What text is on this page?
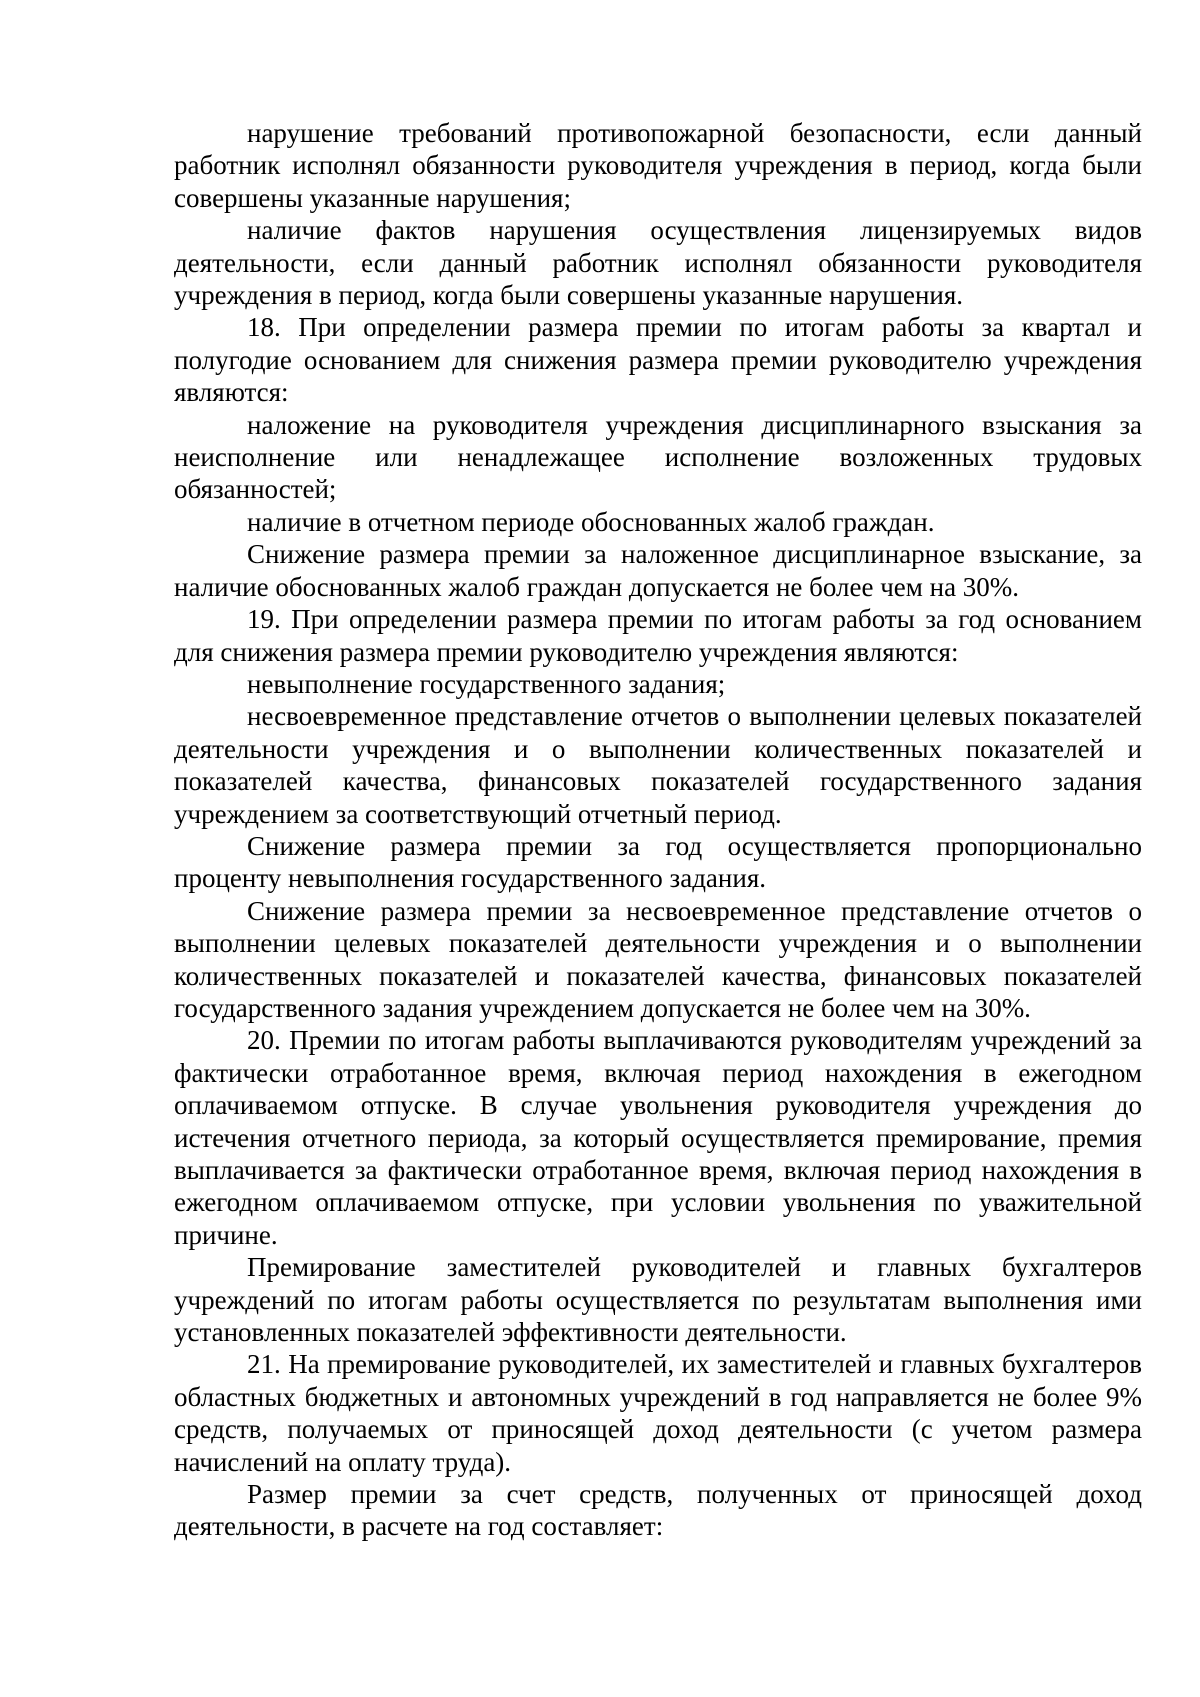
нарушение требований противопожарной безопасности, если данный работник исполнял обязанности руководителя учреждения в период, когда были совершены указанные нарушения;

наличие фактов нарушения осуществления лицензируемых видов деятельности, если данный работник исполнял обязанности руководителя учреждения в период, когда были совершены указанные нарушения.

18. При определении размера премии по итогам работы за квартал и полугодие основанием для снижения размера премии руководителю учреждения являются:

наложение на руководителя учреждения дисциплинарного взыскания за неисполнение или ненадлежащее исполнение возложенных трудовых обязанностей;

наличие в отчетном периоде обоснованных жалоб граждан.

Снижение размера премии за наложенное дисциплинарное взыскание, за наличие обоснованных жалоб граждан допускается не более чем на 30%.

19. При определении размера премии по итогам работы за год основанием для снижения размера премии руководителю учреждения являются:

невыполнение государственного задания;

несвоевременное представление отчетов о выполнении целевых показателей деятельности учреждения и о выполнении количественных показателей и показателей качества, финансовых показателей государственного задания учреждением за соответствующий отчетный период.

Снижение размера премии за год осуществляется пропорционально проценту невыполнения государственного задания.

Снижение размера премии за несвоевременное представление отчетов о выполнении целевых показателей деятельности учреждения и о выполнении количественных показателей и показателей качества, финансовых показателей государственного задания учреждением допускается не более чем на 30%.

20. Премии по итогам работы выплачиваются руководителям учреждений за фактически отработанное время, включая период нахождения в ежегодном оплачиваемом отпуске. В случае увольнения руководителя учреждения до истечения отчетного периода, за который осуществляется премирование, премия выплачивается за фактически отработанное время, включая период нахождения в ежегодном оплачиваемом отпуске, при условии увольнения по уважительной причине.

Премирование заместителей руководителей и главных бухгалтеров учреждений по итогам работы осуществляется по результатам выполнения ими установленных показателей эффективности деятельности.

21. На премирование руководителей, их заместителей и главных бухгалтеров областных бюджетных и автономных учреждений в год направляется не более 9% средств, получаемых от приносящей доход деятельности (с учетом размера начислений на оплату труда).

Размер премии за счет средств, полученных от приносящей доход деятельности, в расчете на год составляет:
